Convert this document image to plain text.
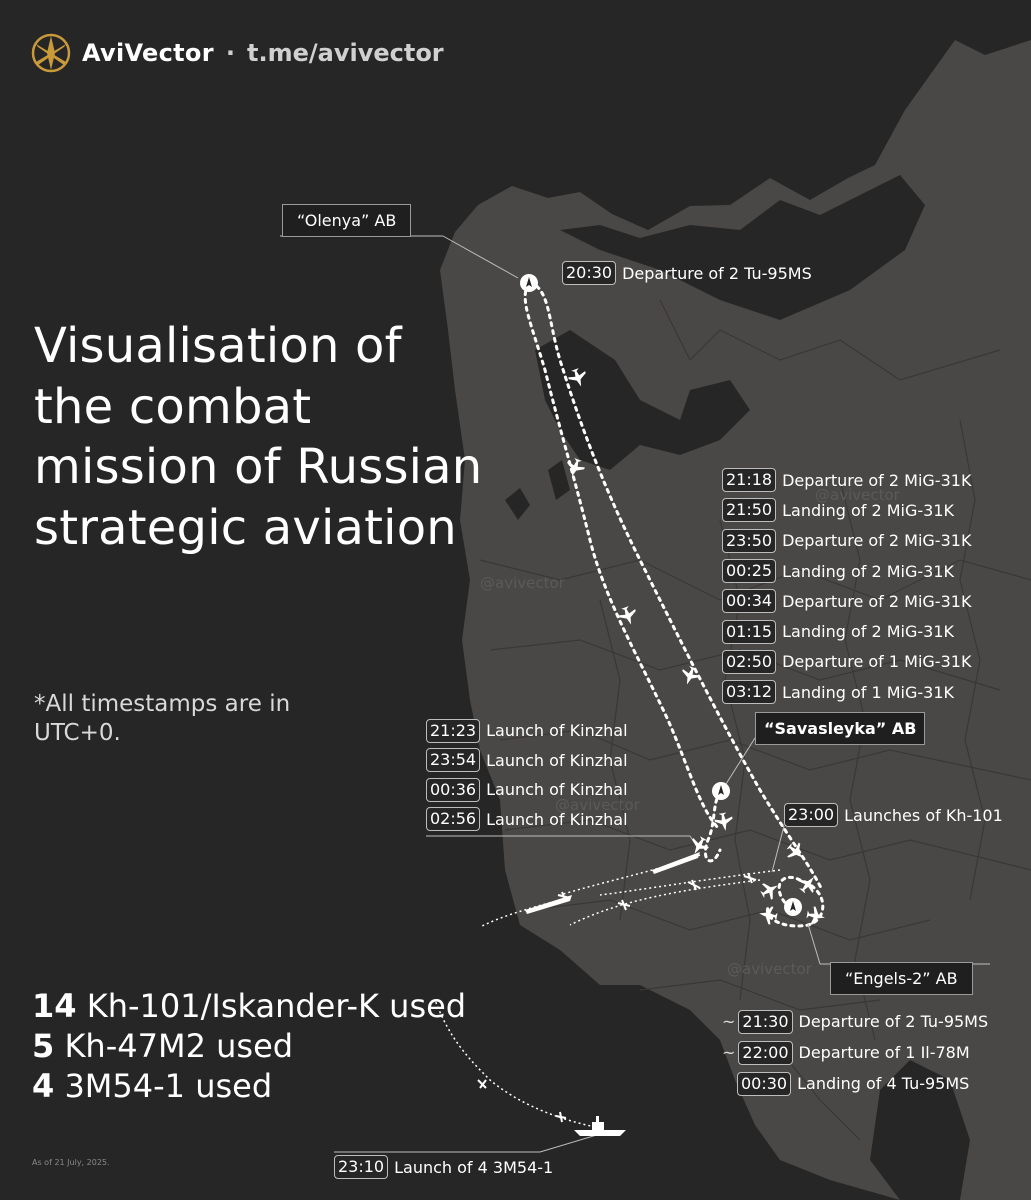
AviVector · t.me/avivector
Visualisation of the combat mission of Russian strategic aviation
*All timestamps are in UTC+0.
14 Kh-101/Iskander-K used
5 Kh-47M2 used
4 3M54-1 used
As of 21 July, 2025.
@avivector
@avivector
@avivector
@avivector
“Olenya” AB
“Savasleyka” AB
“Engels-2” AB
20:30 Departure of 2 Tu-95MS
21:18 Departure of 2 MiG-31K
21:50 Landing of 2 MiG-31K
23:50 Departure of 2 MiG-31K
00:25 Landing of 2 MiG-31K
00:34 Departure of 2 MiG-31K
01:15 Landing of 2 MiG-31K
02:50 Departure of 1 MiG-31K
03:12 Landing of 1 MiG-31K
21:23 Launch of Kinzhal
23:54 Launch of Kinzhal
00:36 Launch of Kinzhal
02:56 Launch of Kinzhal	23:00 Launches of Kh-101
~ 21:30 Departure of 2 Tu-95MS
~ 22:00 Departure of 1 Il-78M
00:30 Landing of 4 Tu-95MS
23:10 Launch of 4 3M54-1
